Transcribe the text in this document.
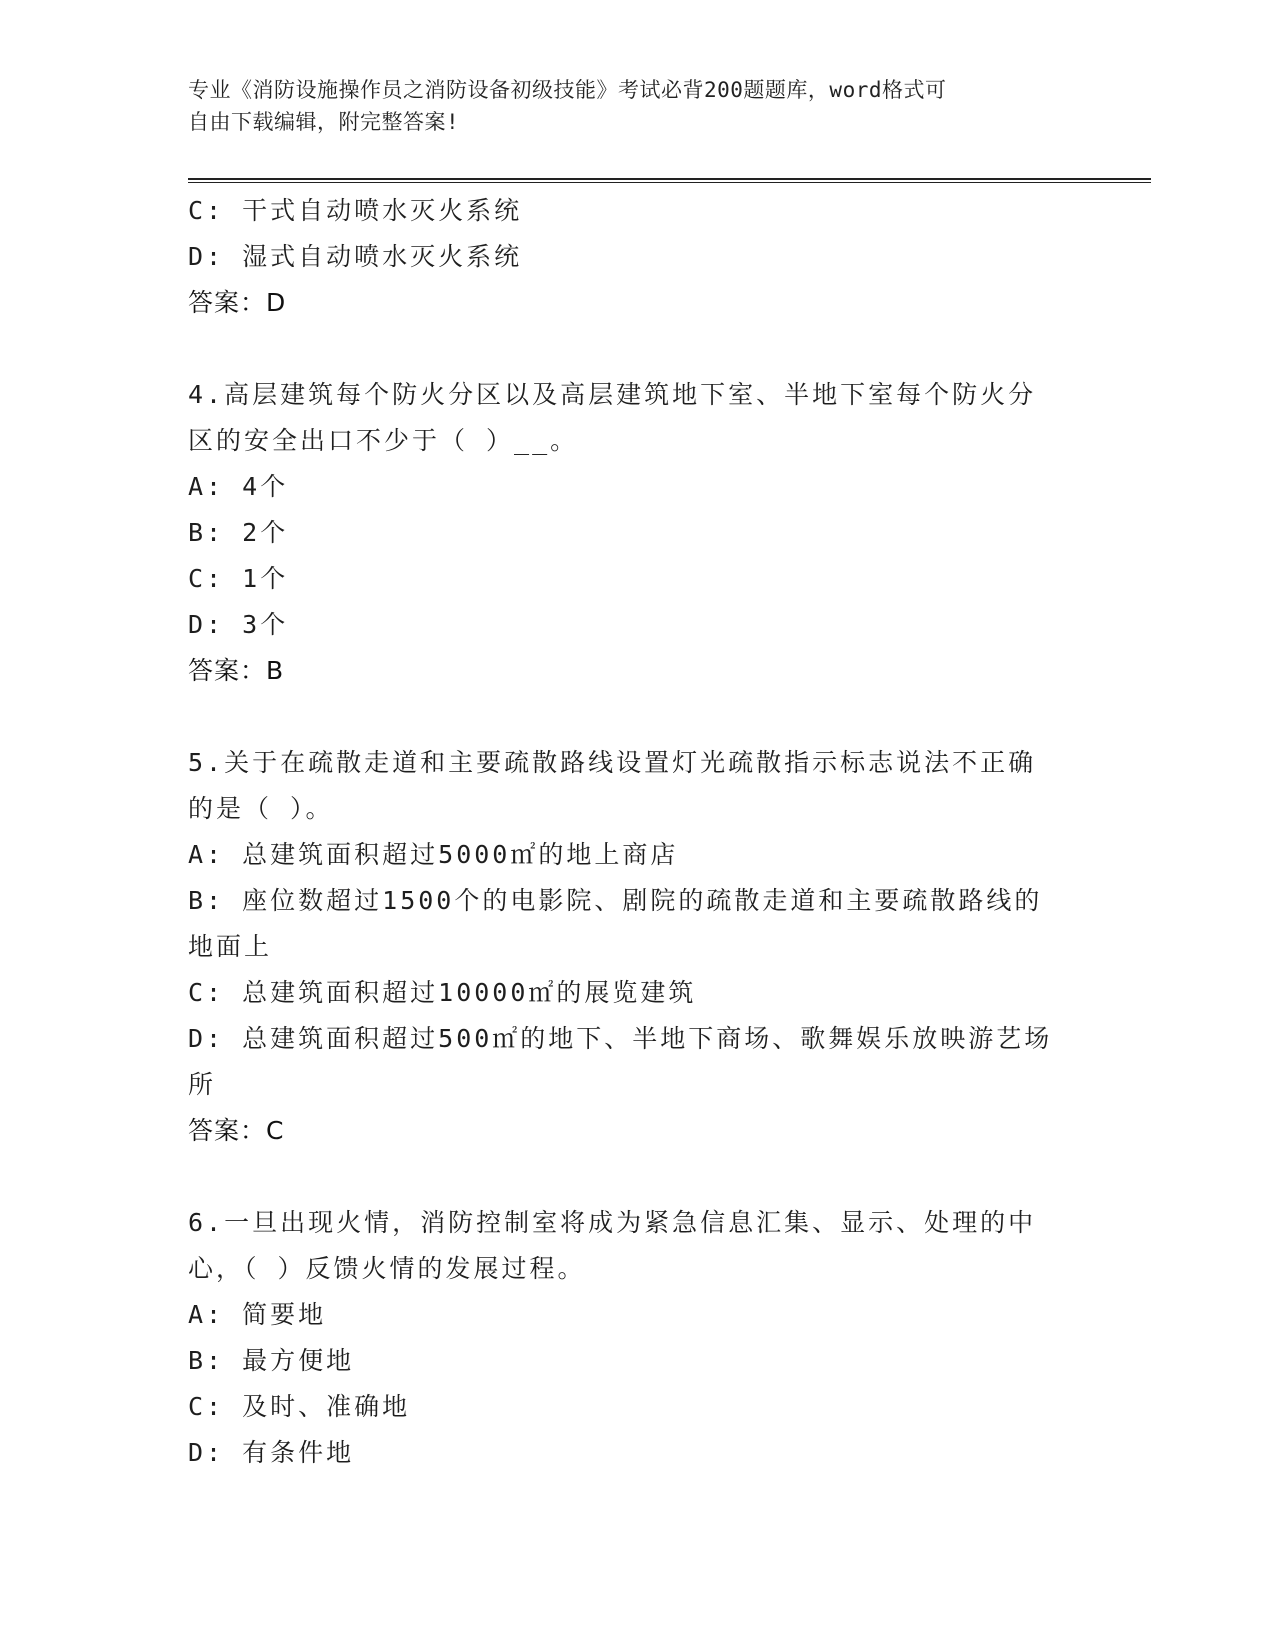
专业《消防设施操作员之消防设备初级技能》考试必背200题题库，word格式可
自由下载编辑，附完整答案!
C: 干式自动喷水灭火系统
D: 湿式自动喷水灭火系统
答案：D
4.高层建筑每个防火分区以及高层建筑地下室、半地下室每个防火分
区的安全出口不少于（ ）__。
A: 4个
B: 2个
C: 1个
D: 3个
答案：B
5.关于在疏散走道和主要疏散路线设置灯光疏散指示标志说法不正确
的是（ ）。
A: 总建筑面积超过5000㎡的地上商店
B: 座位数超过1500个的电影院、剧院的疏散走道和主要疏散路线的
地面上
C: 总建筑面积超过10000㎡的展览建筑
D: 总建筑面积超过500㎡的地下、半地下商场、歌舞娱乐放映游艺场
所
答案：C
6.一旦出现火情，消防控制室将成为紧急信息汇集、显示、处理的中
心，（ ）反馈火情的发展过程。
A: 简要地
B: 最方便地
C: 及时、准确地
D: 有条件地
